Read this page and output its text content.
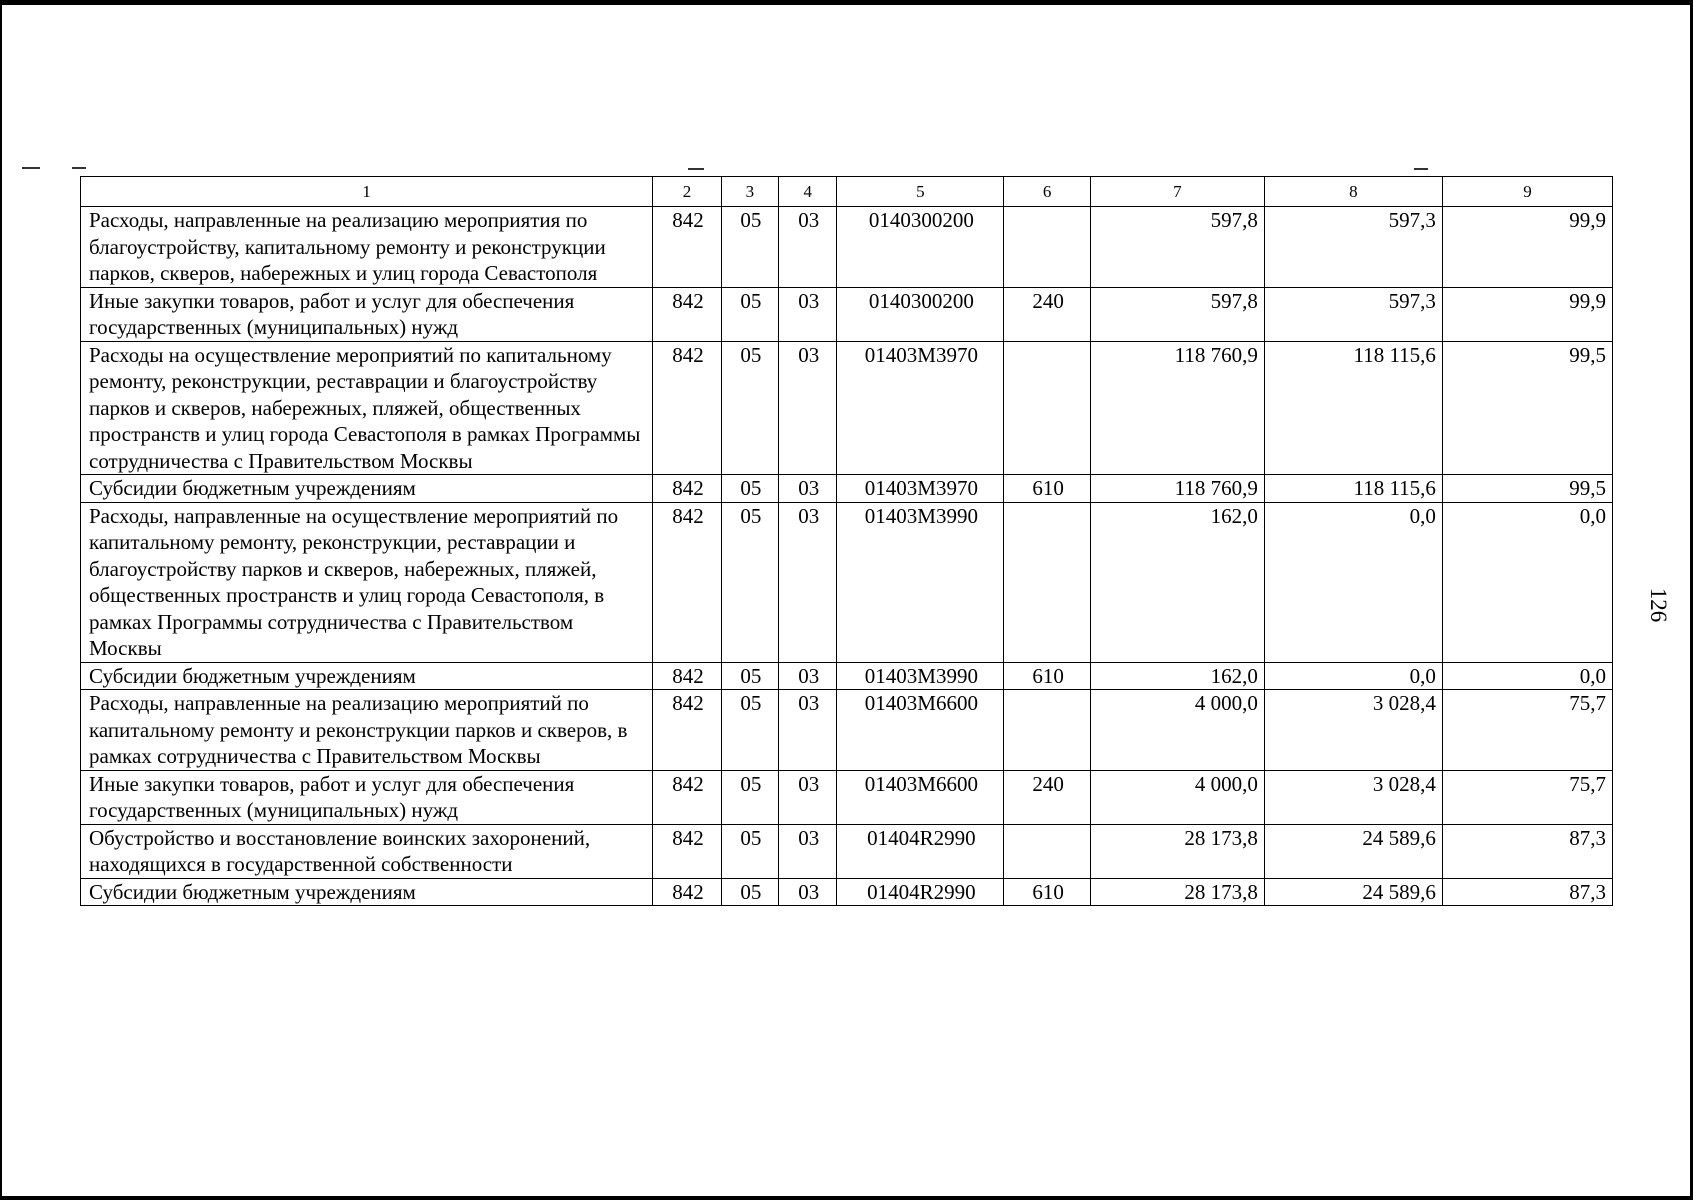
1	2	3	4	5	6	7	8	9
Расходы, направленные на реализацию мероприятия по благоустройству, капитальному ремонту и реконструкции парков, скверов, набережных и улиц города Севастополя	842	05	03	0140300200		597,8	597,3	99,9
Иные закупки товаров, работ и услуг для обеспечения государственных (муниципальных) нужд	842	05	03	0140300200	240	597,8	597,3	99,9
Расходы на осуществление мероприятий по капитальному ремонту, реконструкции, реставрации и благоустройству парков и скверов, набережных, пляжей, общественных пространств и улиц города Севастополя в рамках Программы сотрудничества с Правительством Москвы	842	05	03	01403М3970		118 760,9	118 115,6	99,5
Субсидии бюджетным учреждениям	842	05	03	01403М3970	610	118 760,9	118 115,6	99,5
Расходы, направленные на осуществление мероприятий по капитальному ремонту, реконструкции, реставрации и благоустройству парков и скверов, набережных, пляжей, общественных пространств и улиц города Севастополя, в рамках Программы сотрудничества с Правительством Москвы	842	05	03	01403М3990		162,0	0,0	0,0
Субсидии бюджетным учреждениям	842	05	03	01403М3990	610	162,0	0,0	0,0
Расходы, направленные на реализацию мероприятий по капитальному ремонту и реконструкции парков и скверов, в рамках сотрудничества с Правительством Москвы	842	05	03	01403М6600		4 000,0	3 028,4	75,7
Иные закупки товаров, работ и услуг для обеспечения государственных (муниципальных) нужд	842	05	03	01403М6600	240	4 000,0	3 028,4	75,7
Обустройство и восстановление воинских захоронений, находящихся в государственной собственности	842	05	03	01404R2990		28 173,8	24 589,6	87,3
Субсидии бюджетным учреждениям	842	05	03	01404R2990	610	28 173,8	24 589,6	87,3
126
